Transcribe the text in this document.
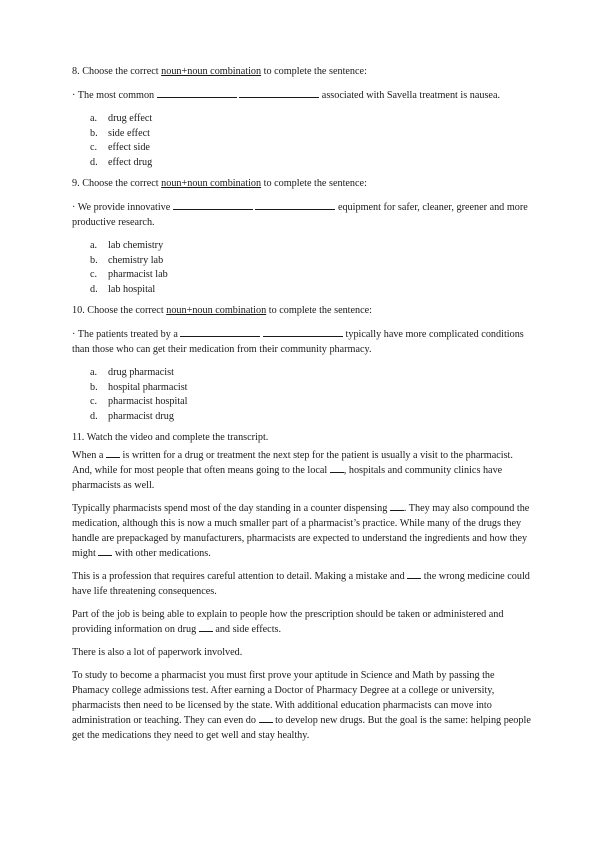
8. Choose the correct noun+noun combination to complete the sentence:

· The most common	associated with Savella treatment is nausea.

a.	drug effect
b.	side effect
c.	effect side
d.	effect drug

9. Choose the correct noun+noun combination to complete the sentence:

· We provide innovative	equipment for safer, cleaner, greener and more productive research.

a.	lab chemistry
b.	chemistry lab
c.	pharmacist lab
d.	lab hospital

10. Choose the correct noun+noun combination to complete the sentence:

· The patients treated by a	typically have more complicated conditions than those who can get their medication from their community pharmacy.

a.	drug pharmacist
b.	hospital pharmacist
c.	pharmacist hospital
d.	pharmacist drug

11. Watch the video and complete the transcript.

When a  is written for a drug or treatment the next step for the patient is usually a visit to the pharmacist. And, while for most people that often means going to the local , hospitals and community clinics have pharmacists as well.

Typically pharmacists spend most of the day standing in a counter dispensing . They may also compound the medication, although this is now a much smaller part of a pharmacist’s practice. While many of the drugs they handle are prepackaged by manufacturers, pharmacists are expected to understand the ingredients and how they might  with other medications.

This is a profession that requires careful attention to detail. Making a mistake and  the wrong medicine could have life threatening consequences.

Part of the job is being able to explain to people how the prescription should be taken or administered and providing information on drug  and side effects.

There is also a lot of paperwork involved.

To study to become a pharmacist you must first prove your aptitude in Science and Math by passing the Phamacy college admissions test. After earning a Doctor of Pharmacy Degree at a college or university, pharmacists then need to be licensed by the state. With additional education pharmacists can move into administration or teaching. They can even do  to develop new drugs. But the goal is the same: helping people get the medications they need to get well and stay healthy.
